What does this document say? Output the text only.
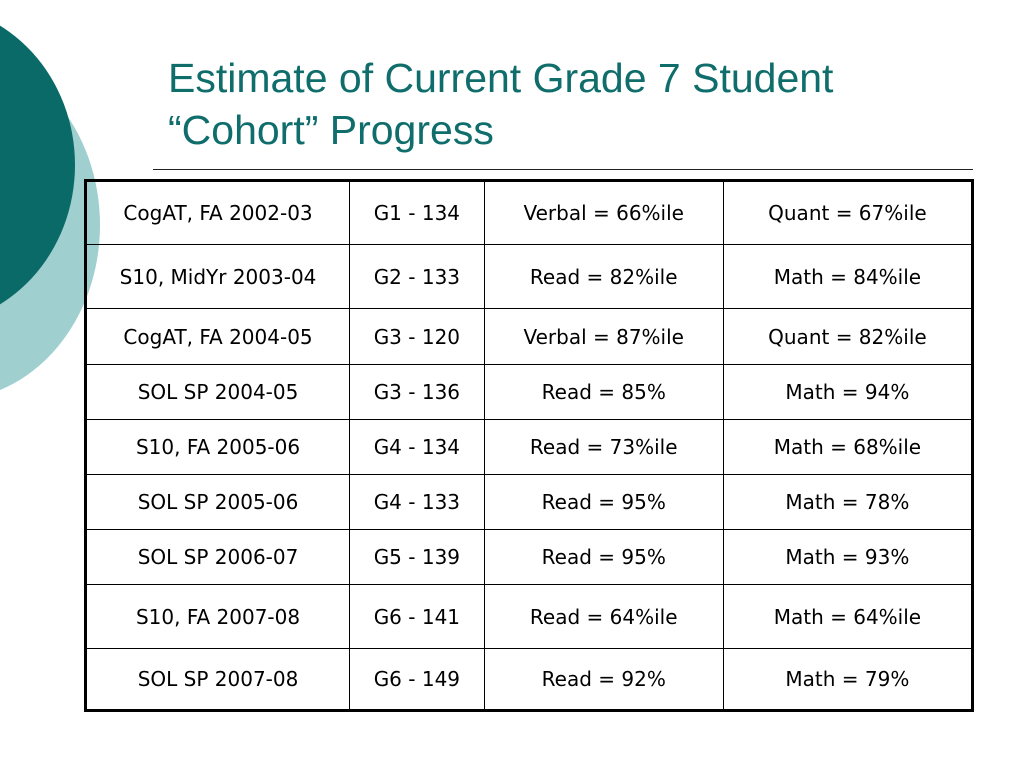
Estimate of Current Grade 7 Student
“Cohort” Progress
CogAT, FA 2002-03	G1 - 134	Verbal = 66%ile	Quant = 67%ile
S10, MidYr 2003-04	G2 - 133	Read = 82%ile	Math = 84%ile
CogAT, FA 2004-05	G3 - 120	Verbal = 87%ile	Quant = 82%ile
SOL SP 2004-05	G3 - 136	Read = 85%	Math = 94%
S10, FA 2005-06	G4 - 134	Read = 73%ile	Math = 68%ile
SOL SP 2005-06	G4 - 133	Read = 95%	Math = 78%
SOL SP 2006-07	G5 - 139	Read = 95%	Math = 93%
S10, FA 2007-08	G6 - 141	Read = 64%ile	Math = 64%ile
SOL SP 2007-08	G6 - 149	Read = 92%	Math = 79%
